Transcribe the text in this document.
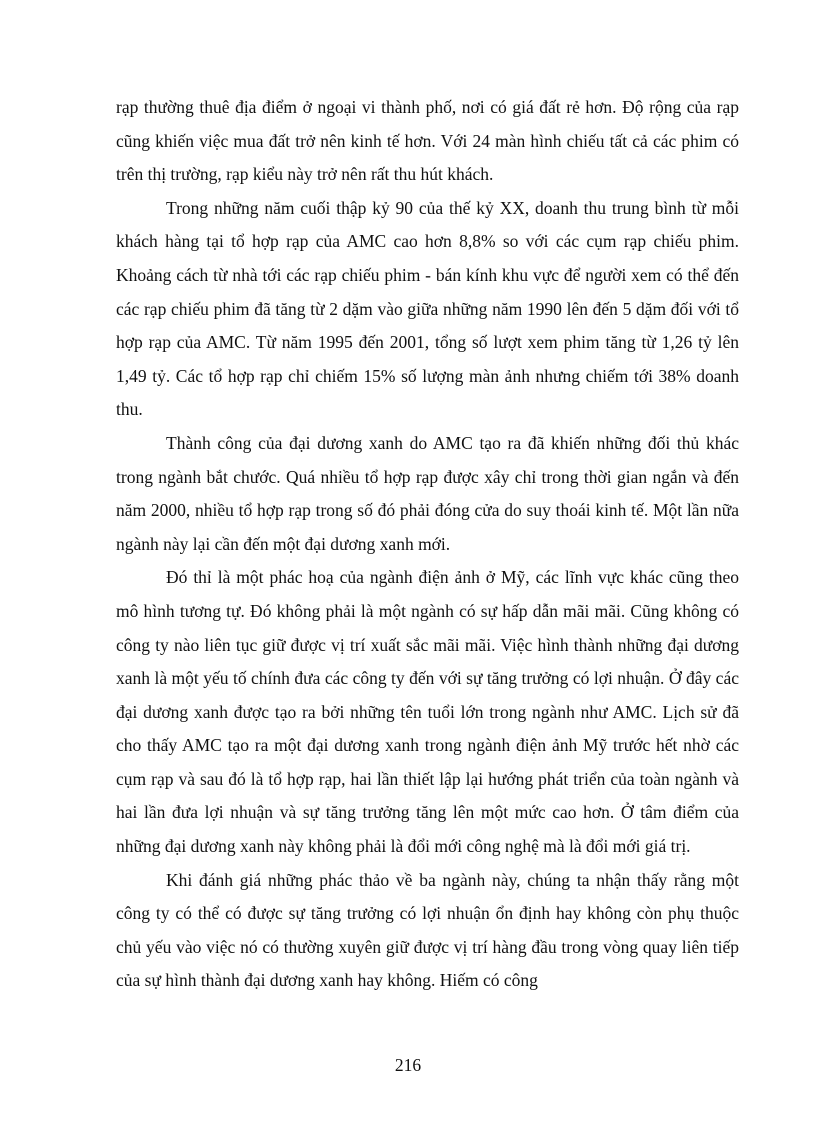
rạp thường thuê địa điểm ở ngoại vi thành phố, nơi có giá đất rẻ hơn. Độ rộng của rạp cũng khiến việc mua đất trở nên kinh tế hơn. Với 24 màn hình chiếu tất cả các phim có trên thị trường, rạp kiểu này trở nên rất thu hút khách.

Trong những năm cuối thập kỷ 90 của thế kỷ XX, doanh thu trung bình từ mỗi khách hàng tại tổ hợp rạp của AMC cao hơn 8,8% so với các cụm rạp chiếu phim. Khoảng cách từ nhà tới các rạp chiếu phim - bán kính khu vực để người xem có thể đến các rạp chiếu phim đã tăng từ 2 dặm vào giữa những năm 1990 lên đến 5 dặm đối với tổ hợp rạp của AMC. Từ năm 1995 đến 2001, tổng số lượt xem phim tăng từ 1,26 tỷ lên 1,49 tỷ. Các tổ hợp rạp chỉ chiếm 15% số lượng màn ảnh nhưng chiếm tới 38% doanh thu.

Thành công của đại dương xanh do AMC tạo ra đã khiến những đối thủ khác trong ngành bắt chước. Quá nhiều tổ hợp rạp được xây chỉ trong thời gian ngắn và đến năm 2000, nhiều tổ hợp rạp trong số đó phải đóng cửa do suy thoái kinh tế. Một lần nữa ngành này lại cần đến một đại dương xanh mới.

Đó thỉ là một phác hoạ của ngành điện ảnh ở Mỹ, các lĩnh vực khác cũng theo mô hình tương tự. Đó không phải là một ngành có sự hấp dẫn mãi mãi. Cũng không có công ty nào liên tục giữ được vị trí xuất sắc mãi mãi. Việc hình thành những đại dương xanh là một yếu tố chính đưa các công ty đến với sự tăng trưởng có lợi nhuận. Ở đây các đại dương xanh được tạo ra bởi những tên tuổi lớn trong ngành như AMC. Lịch sử đã cho thấy AMC tạo ra một đại dương xanh trong ngành điện ảnh Mỹ trước hết nhờ các cụm rạp và sau đó là tổ hợp rạp, hai lần thiết lập lại hướng phát triển của toàn ngành và hai lần đưa lợi nhuận và sự tăng trưởng tăng lên một mức cao hơn. Ở tâm điểm của những đại dương xanh này không phải là đổi mới công nghệ mà là đổi mới giá trị.

Khi đánh giá những phác thảo về ba ngành này, chúng ta nhận thấy rằng một công ty có thể có được sự tăng trưởng có lợi nhuận ổn định hay không còn phụ thuộc chủ yếu vào việc nó có thường xuyên giữ được vị trí hàng đầu trong vòng quay liên tiếp của sự hình thành đại dương xanh hay không. Hiếm có công

216
